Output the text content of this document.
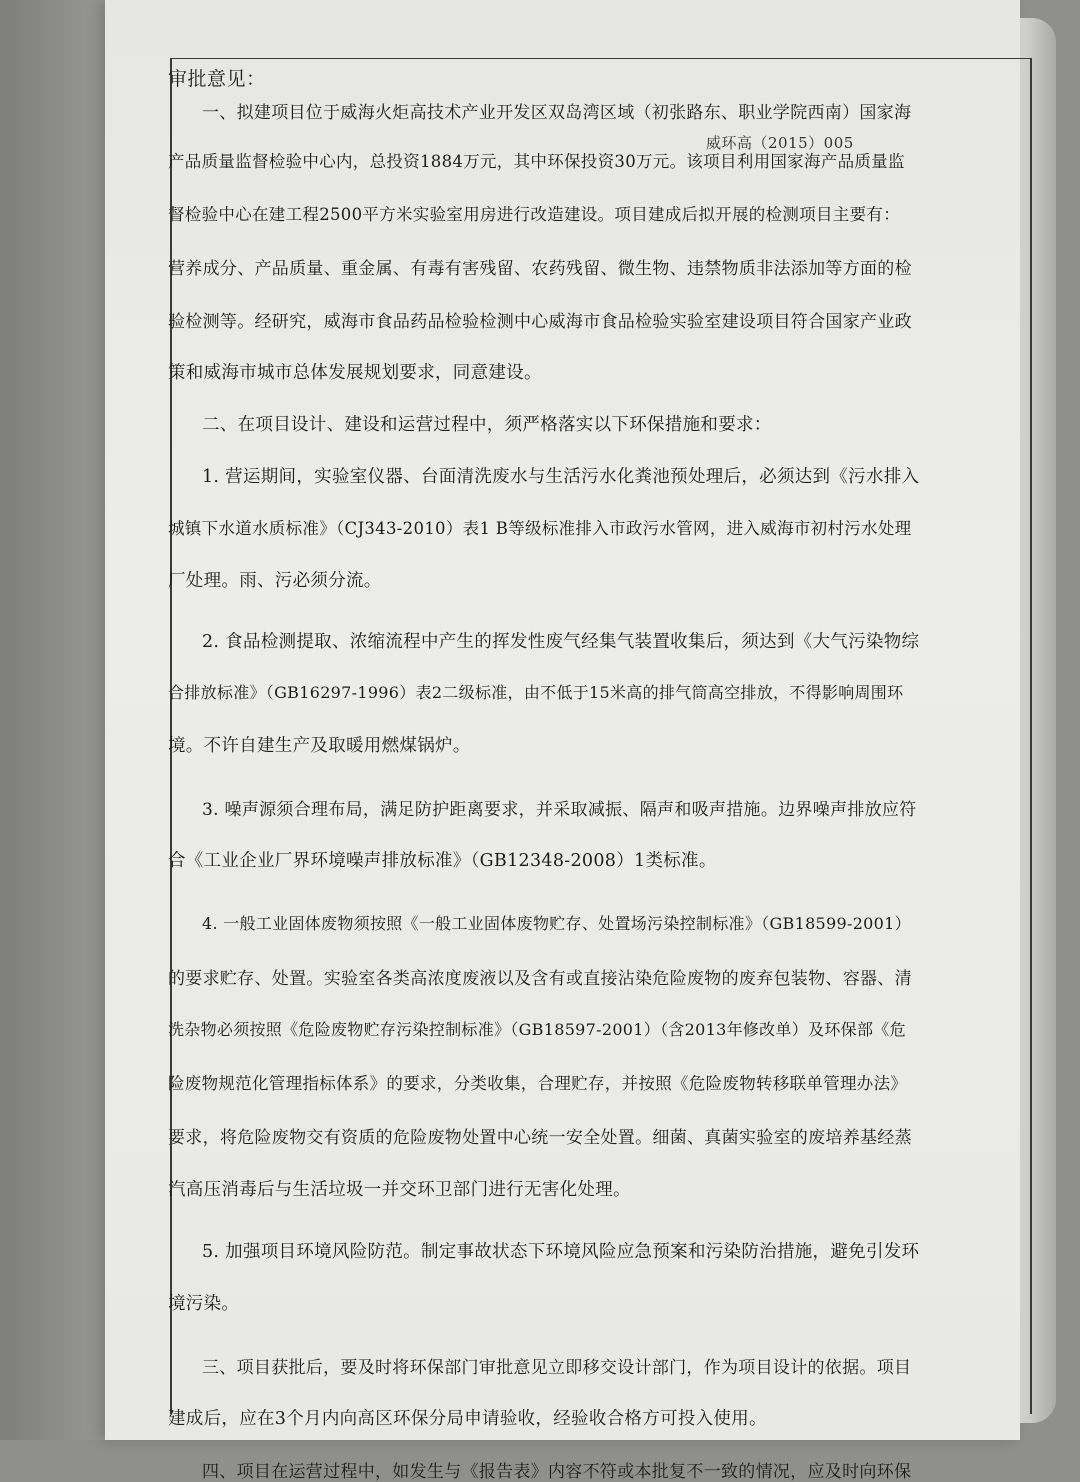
审批意见：
威环高（2015）005
一、拟建项目位于威海火炬高技术产业开发区双岛湾区域（初张路东、职业学院西南）国家海
产品质量监督检验中心内，总投资1884万元，其中环保投资30万元。该项目利用国家海产品质量监
督检验中心在建工程2500平方米实验室用房进行改造建设。项目建成后拟开展的检测项目主要有：
营养成分、产品质量、重金属、有毒有害残留、农药残留、微生物、违禁物质非法添加等方面的检
验检测等。经研究，威海市食品药品检验检测中心威海市食品检验实验室建设项目符合国家产业政
策和威海市城市总体发展规划要求，同意建设。
二、在项目设计、建设和运营过程中，须严格落实以下环保措施和要求：
1. 营运期间，实验室仪器、台面清洗废水与生活污水化粪池预处理后，必须达到《污水排入
城镇下水道水质标准》（CJ343-2010）表1 B等级标准排入市政污水管网，进入威海市初村污水处理
厂处理。雨、污必须分流。
2. 食品检测提取、浓缩流程中产生的挥发性废气经集气装置收集后，须达到《大气污染物综
合排放标准》（GB16297-1996）表2二级标准，由不低于15米高的排气筒高空排放，不得影响周围环
境。不许自建生产及取暖用燃煤锅炉。
3. 噪声源须合理布局，满足防护距离要求，并采取减振、隔声和吸声措施。边界噪声排放应符
合《工业企业厂界环境噪声排放标准》（GB12348-2008）1类标准。
4. 一般工业固体废物须按照《一般工业固体废物贮存、处置场污染控制标准》（GB18599-2001）
的要求贮存、处置。实验室各类高浓度废液以及含有或直接沾染危险废物的废弃包装物、容器、清
洗杂物必须按照《危险废物贮存污染控制标准》（GB18597-2001）（含2013年修改单）及环保部《危
险废物规范化管理指标体系》的要求，分类收集，合理贮存，并按照《危险废物转移联单管理办法》
要求，将危险废物交有资质的危险废物处置中心统一安全处置。细菌、真菌实验室的废培养基经蒸
汽高压消毒后与生活垃圾一并交环卫部门进行无害化处理。
5. 加强项目环境风险防范。制定事故状态下环境风险应急预案和污染防治措施，避免引发环
境污染。
三、项目获批后，要及时将环保部门审批意见立即移交设计部门，作为项目设计的依据。项目
建成后，应在3个月内向高区环保分局申请验收，经验收合格方可投入使用。
四、项目在运营过程中，如发生与《报告表》内容不符或本批复不一致的情况，应及时向环保
